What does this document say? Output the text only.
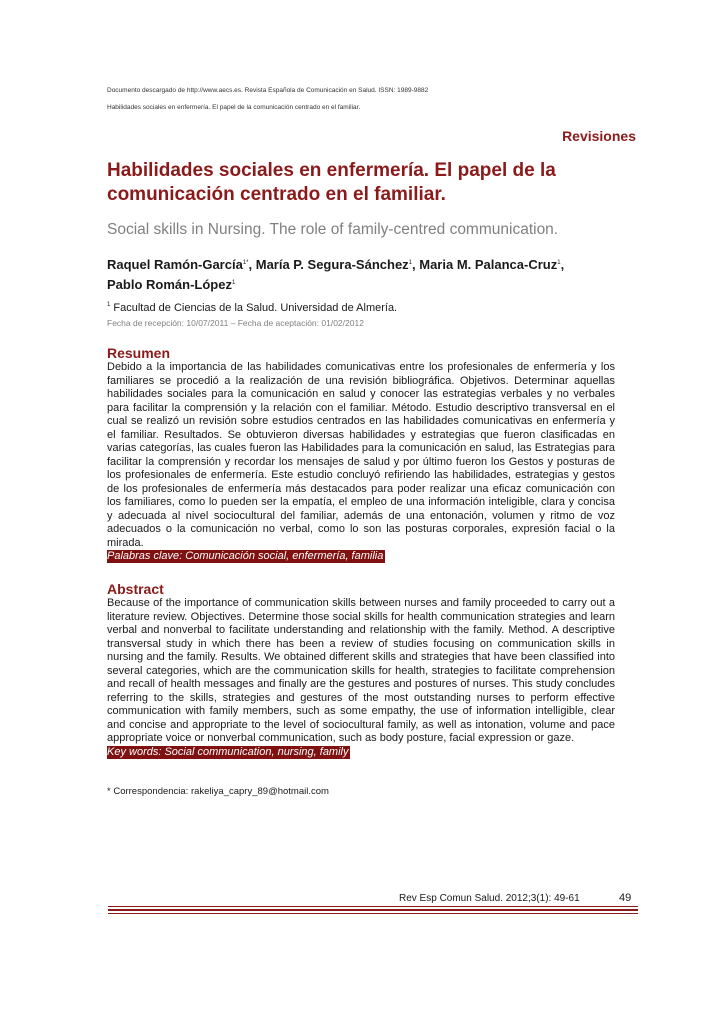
Documento descargado de http://www.aecs.es. Revista Española de Comunicación en Salud. ISSN: 1989-9882
Habilidades sociales en enfermería. El papel de la comunicación centrado en el familiar.
Revisiones
Habilidades sociales en enfermería. El papel de la comunicación centrado en el familiar.
Social skills in Nursing. The role of family-centred communication.
Raquel Ramón-García$^{1*}$, María P. Segura-Sánchez$^1$, Maria M. Palanca-Cruz$^1$,
Pablo Román-López$^1$
$^1$ Facultad de Ciencias de la Salud. Universidad de Almería.
Fecha de recepción: 10/07/2011 – Fecha de aceptación: 01/02/2012
Resumen
Debido a la importancia de las habilidades comunicativas entre los profesionales de enfermería y los familiares se procedió a la realización de una revisión bibliográfica. Objetivos. Determinar aquellas habilidades sociales para la comunicación en salud y conocer las estrategias verbales y no verbales para facilitar la comprensión y la relación con el familiar. Método. Estudio descriptivo transversal en el cual se realizó un revisión sobre estudios centrados en las habilidades comunicativas en enfermería y el familiar. Resultados. Se obtuvieron diversas habilidades y estrategias que fueron clasificadas en varias categorías, las cuales fueron las Habilidades para la comunicación en salud, las Estrategias para facilitar la comprensión y recordar los mensajes de salud y por último fueron los Gestos y posturas de los profesionales de enfermería. Este estudio concluyó refiriendo las habilidades, estrategias y gestos de los profesionales de enfermería más destacados para poder realizar una eficaz comunicación con los familiares, como lo pueden ser la empatía, el empleo de una información inteligible, clara y concisa y adecuada al nivel sociocultural del familiar, además de una entonación, volumen y ritmo de voz adecuados o la comunicación no verbal, como lo son las posturas corporales, expresión facial o la mirada.
Palabras clave: Comunicación social, enfermería, familia
Abstract
Because of the importance of communication skills between nurses and family proceeded to carry out a literature review. Objectives. Determine those social skills for health communication strategies and learn verbal and nonverbal to facilitate understanding and relationship with the family. Method. A descriptive transversal study in which there has been a review of studies focusing on communication skills in nursing and the family. Results. We obtained different skills and strategies that have been classified into several categories, which are the communication skills for health, strategies to facilitate comprehension and recall of health messages and finally are the gestures and postures of nurses. This study concludes referring to the skills, strategies and gestures of the most outstanding nurses to perform effective communication with family members, such as some empathy, the use of information intelligible, clear and concise and appropriate to the level of sociocultural family, as well as intonation, volume and pace appropriate voice or nonverbal communication, such as body posture, facial expression or gaze.
Key words: Social communication, nursing, family
* Correspondencia: rakeliya_capry_89@hotmail.com
Rev Esp Comun Salud. 2012;3(1): 49-61	49
